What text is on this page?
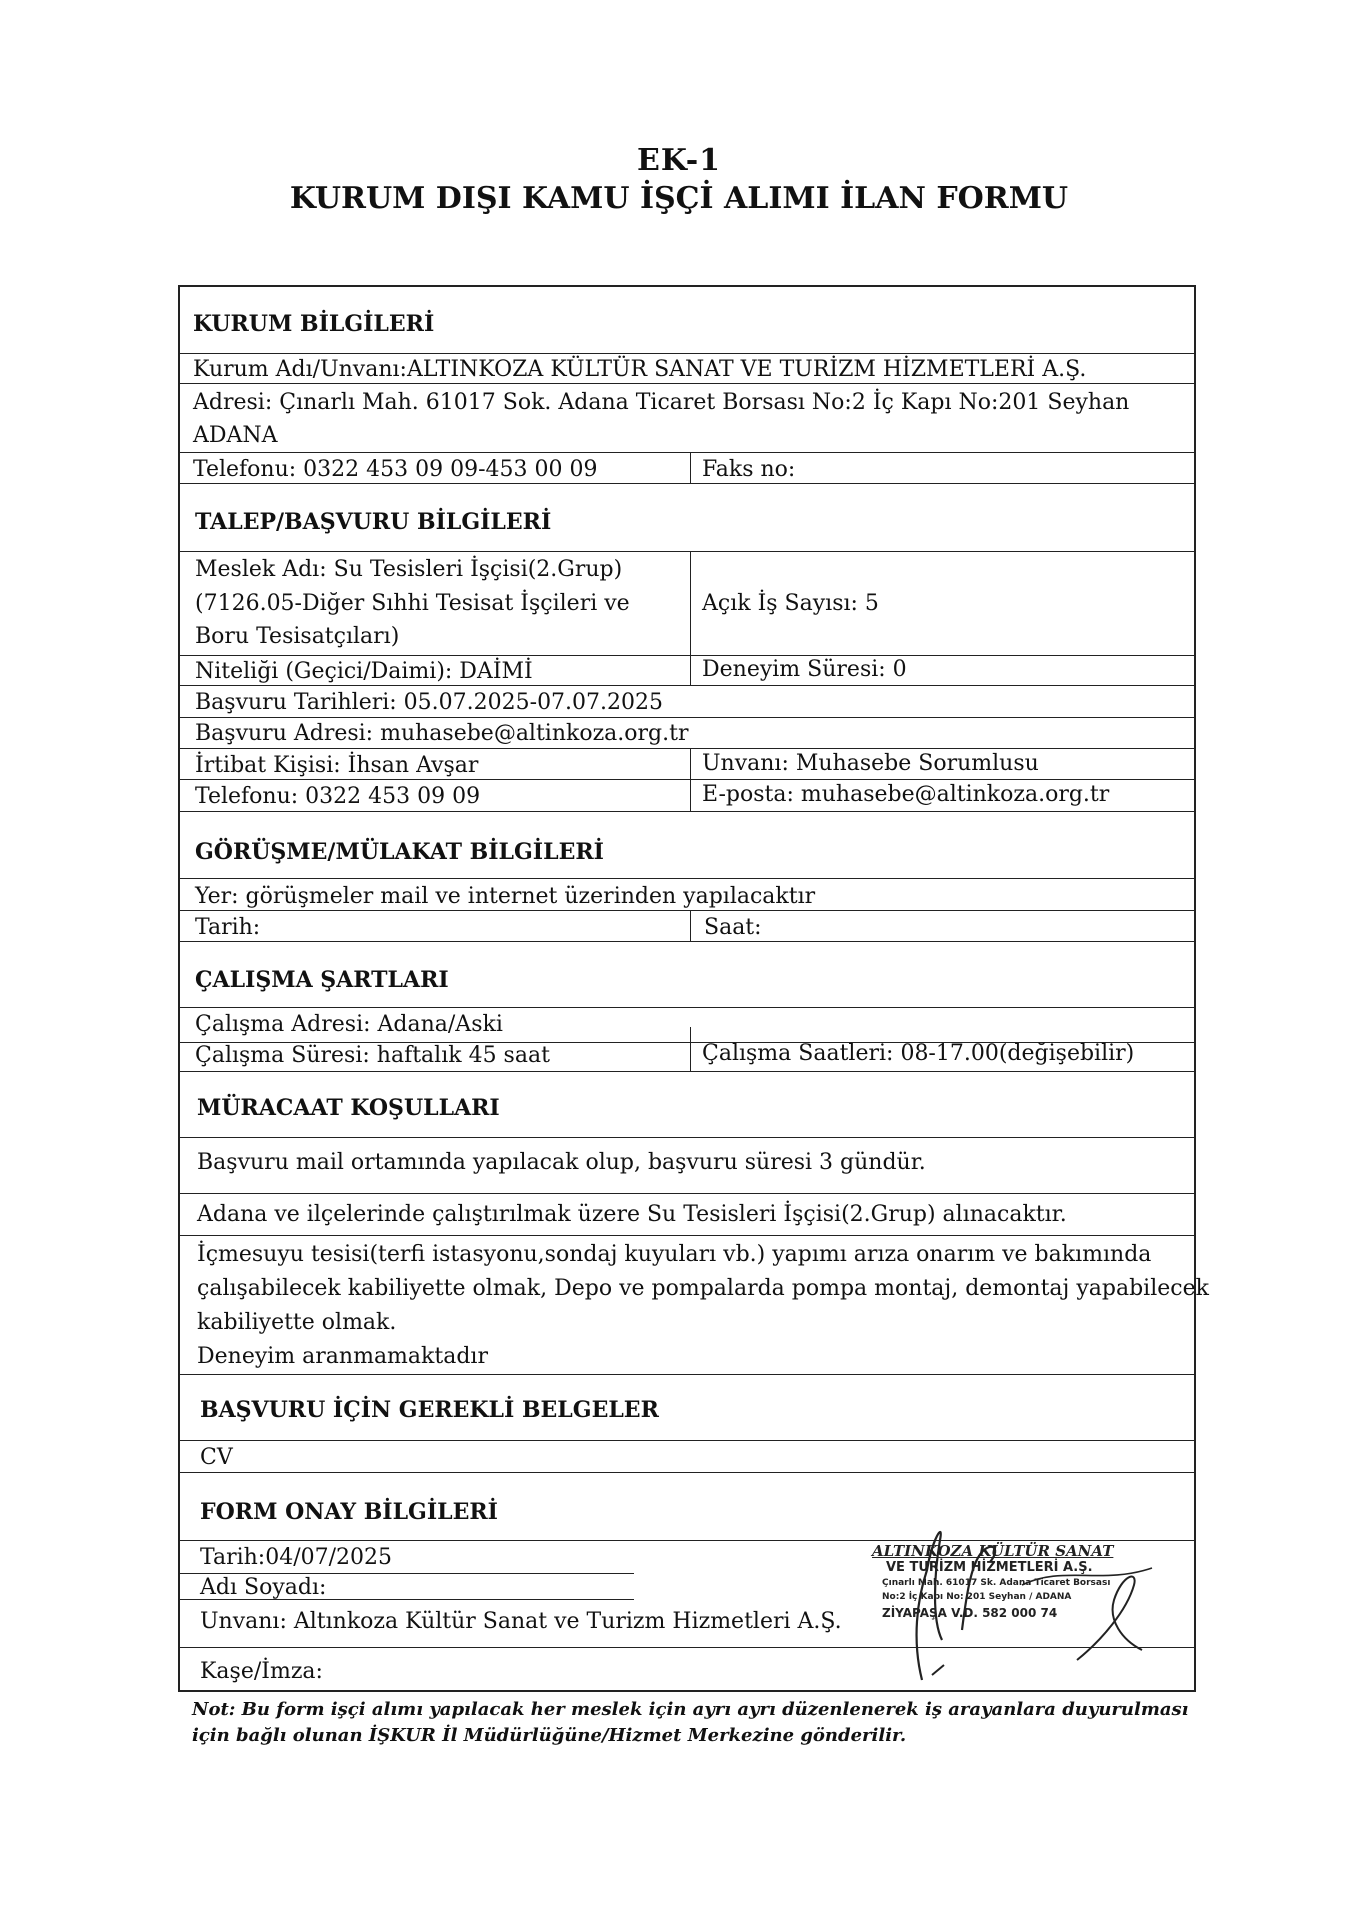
EK-1
KURUM DIŞI KAMU İŞÇİ ALIMI İLAN FORMU
KURUM BİLGİLERİ
Kurum Adı/Unvanı:ALTINKOZA KÜLTÜR SANAT VE TURİZM HİZMETLERİ A.Ş.
Adresi: Çınarlı Mah. 61017 Sok. Adana Ticaret Borsası No:2 İç Kapı No:201 Seyhan
ADANA
Telefonu: 0322 453 09 09-453 00 09	Faks no:
TALEP/BAŞVURU BİLGİLERİ
Meslek Adı: Su Tesisleri İşçisi(2.Grup)
(7126.05-Diğer Sıhhi Tesisat İşçileri ve
Boru Tesisatçıları)
Açık İş Sayısı: 5
Niteliği (Geçici/Daimi): DAİMİ	Deneyim Süresi: 0
Başvuru Tarihleri: 05.07.2025-07.07.2025
Başvuru Adresi: muhasebe@altinkoza.org.tr
İrtibat Kişisi: İhsan Avşar	Unvanı: Muhasebe Sorumlusu
Telefonu: 0322 453 09 09	E-posta: muhasebe@altinkoza.org.tr
GÖRÜŞME/MÜLAKAT BİLGİLERİ
Yer: görüşmeler mail ve internet üzerinden yapılacaktır
Tarih:	Saat:
ÇALIŞMA ŞARTLARI
Çalışma Adresi: Adana/Aski
Çalışma Süresi: haftalık 45 saat	Çalışma Saatleri: 08-17.00(değişebilir)
MÜRACAAT KOŞULLARI
Başvuru mail ortamında yapılacak olup, başvuru süresi 3 gündür.
Adana ve ilçelerinde çalıştırılmak üzere Su Tesisleri İşçisi(2.Grup) alınacaktır.
İçmesuyu tesisi(terfi istasyonu,sondaj kuyuları vb.) yapımı arıza onarım ve bakımında
çalışabilecek kabiliyette olmak, Depo ve pompalarda pompa montaj, demontaj yapabilecek
kabiliyette olmak.
Deneyim aranmamaktadır
BAŞVURU İÇİN GEREKLİ BELGELER
CV
FORM ONAY BİLGİLERİ
Tarih:04/07/2025
Adı Soyadı:
Unvanı: Altınkoza Kültür Sanat ve Turizm Hizmetleri A.Ş.
Kaşe/İmza:
ALTINKOZA KÜLTÜR SANAT
VE TURİZM HİZMETLERİ A.Ş.
Çınarlı Mah. 61017 Sk. Adana Ticaret Borsası
No:2 İç Kapı No: 201 Seyhan / ADANA
ZİYAPAŞA V.D. 582 000 74
Not: Bu form işçi alımı yapılacak her meslek için ayrı ayrı düzenlenerek iş arayanlara duyurulması için bağlı olunan İŞKUR İl Müdürlüğüne/Hizmet Merkezine gönderilir.
